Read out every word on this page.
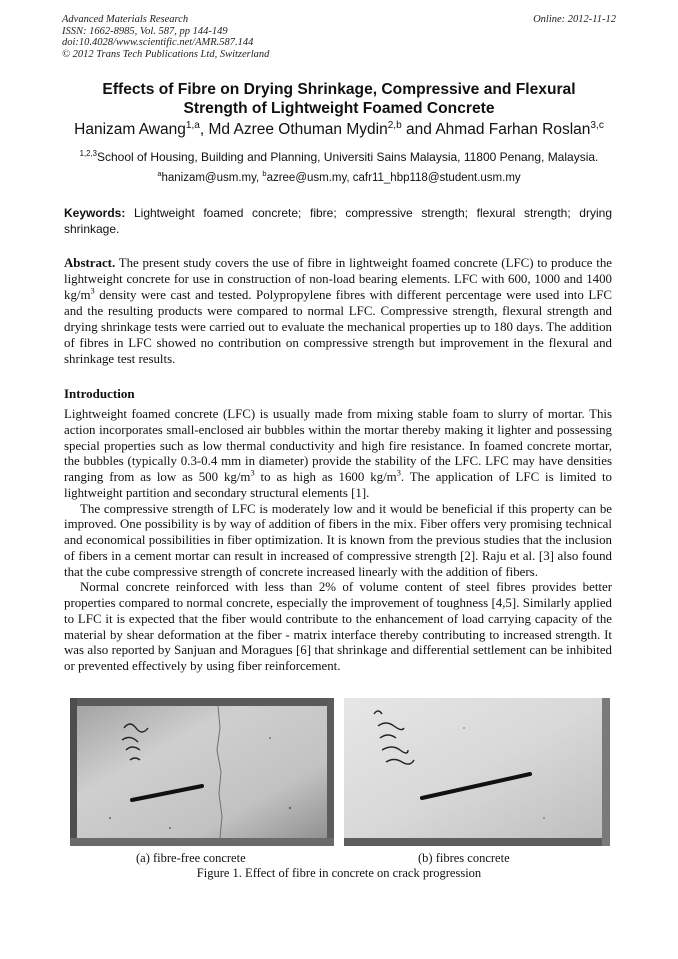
Advanced Materials Research
ISSN: 1662-8985, Vol. 587, pp 144-149
doi:10.4028/www.scientific.net/AMR.587.144
© 2012 Trans Tech Publications Ltd, Switzerland
Online: 2012-11-12
Effects of Fibre on Drying Shrinkage, Compressive and Flexural
Strength of Lightweight Foamed Concrete
Hanizam Awang$^{1,a}$, Md Azree Othuman Mydin$^{2,b}$ and Ahmad Farhan Roslan$^{3,c}$
$^{1,2,3}$School of Housing, Building and Planning, Universiti Sains Malaysia, 11800 Penang, Malaysia.
$^a$hanizam@usm.my, $^b$azree@usm.my, cafr11_hbp118@student.usm.my
Keywords: Lightweight foamed concrete; fibre; compressive strength; flexural strength; drying shrinkage.
Abstract. The present study covers the use of fibre in lightweight foamed concrete (LFC) to produce the lightweight concrete for use in construction of non-load bearing elements. LFC with 600, 1000 and 1400 $kg/m^3$ density were cast and tested. Polypropylene fibres with different percentage were used into LFC and the resulting products were compared to normal LFC. Compressive strength, flexural strength and drying shrinkage tests were carried out to evaluate the mechanical properties up to 180 days. The addition of fibres in LFC showed no contribution on compressive strength but improvement in the flexural and shrinkage test results.
Introduction

Lightweight foamed concrete (LFC) is usually made from mixing stable foam to slurry of mortar. This action incorporates small-enclosed air bubbles within the mortar thereby making it lighter and possessing special properties such as low thermal conductivity and high fire resistance. In foamed concrete mortar, the bubbles (typically 0.3-0.4 mm in diameter) provide the stability of the LFC. LFC may have densities ranging from as low as 500 $kg/m^3$ to as high as 1600 $kg/m^3$. The application of LFC is limited to lightweight partition and secondary structural elements [1].

The compressive strength of LFC is moderately low and it would be beneficial if this property can be improved. One possibility is by way of addition of fibers in the mix. Fiber offers very promising technical and economical possibilities in fiber optimization. It is known from the previous studies that the inclusion of fibers in a cement mortar can result in increased of compressive strength [2]. Raju et al. [3] also found that the cube compressive strength of concrete increased linearly with the addition of fibers.

Normal concrete reinforced with less than 2% of volume content of steel fibres provides better properties compared to normal concrete, especially the improvement of toughness [4,5]. Similarly applied to LFC it is expected that the fiber would contribute to the enhancement of load carrying capacity of the material by shear deformation at the fiber - matrix interface thereby contributing to increased strength. It was also reported by Sanjuan and Moragues [6] that shrinkage and differential settlement can be inhibited or prevented effectively by using fiber reinforcement.

(a) fibre-free concrete	(b) fibres concrete
Figure 1. Effect of fibre in concrete on crack progression
